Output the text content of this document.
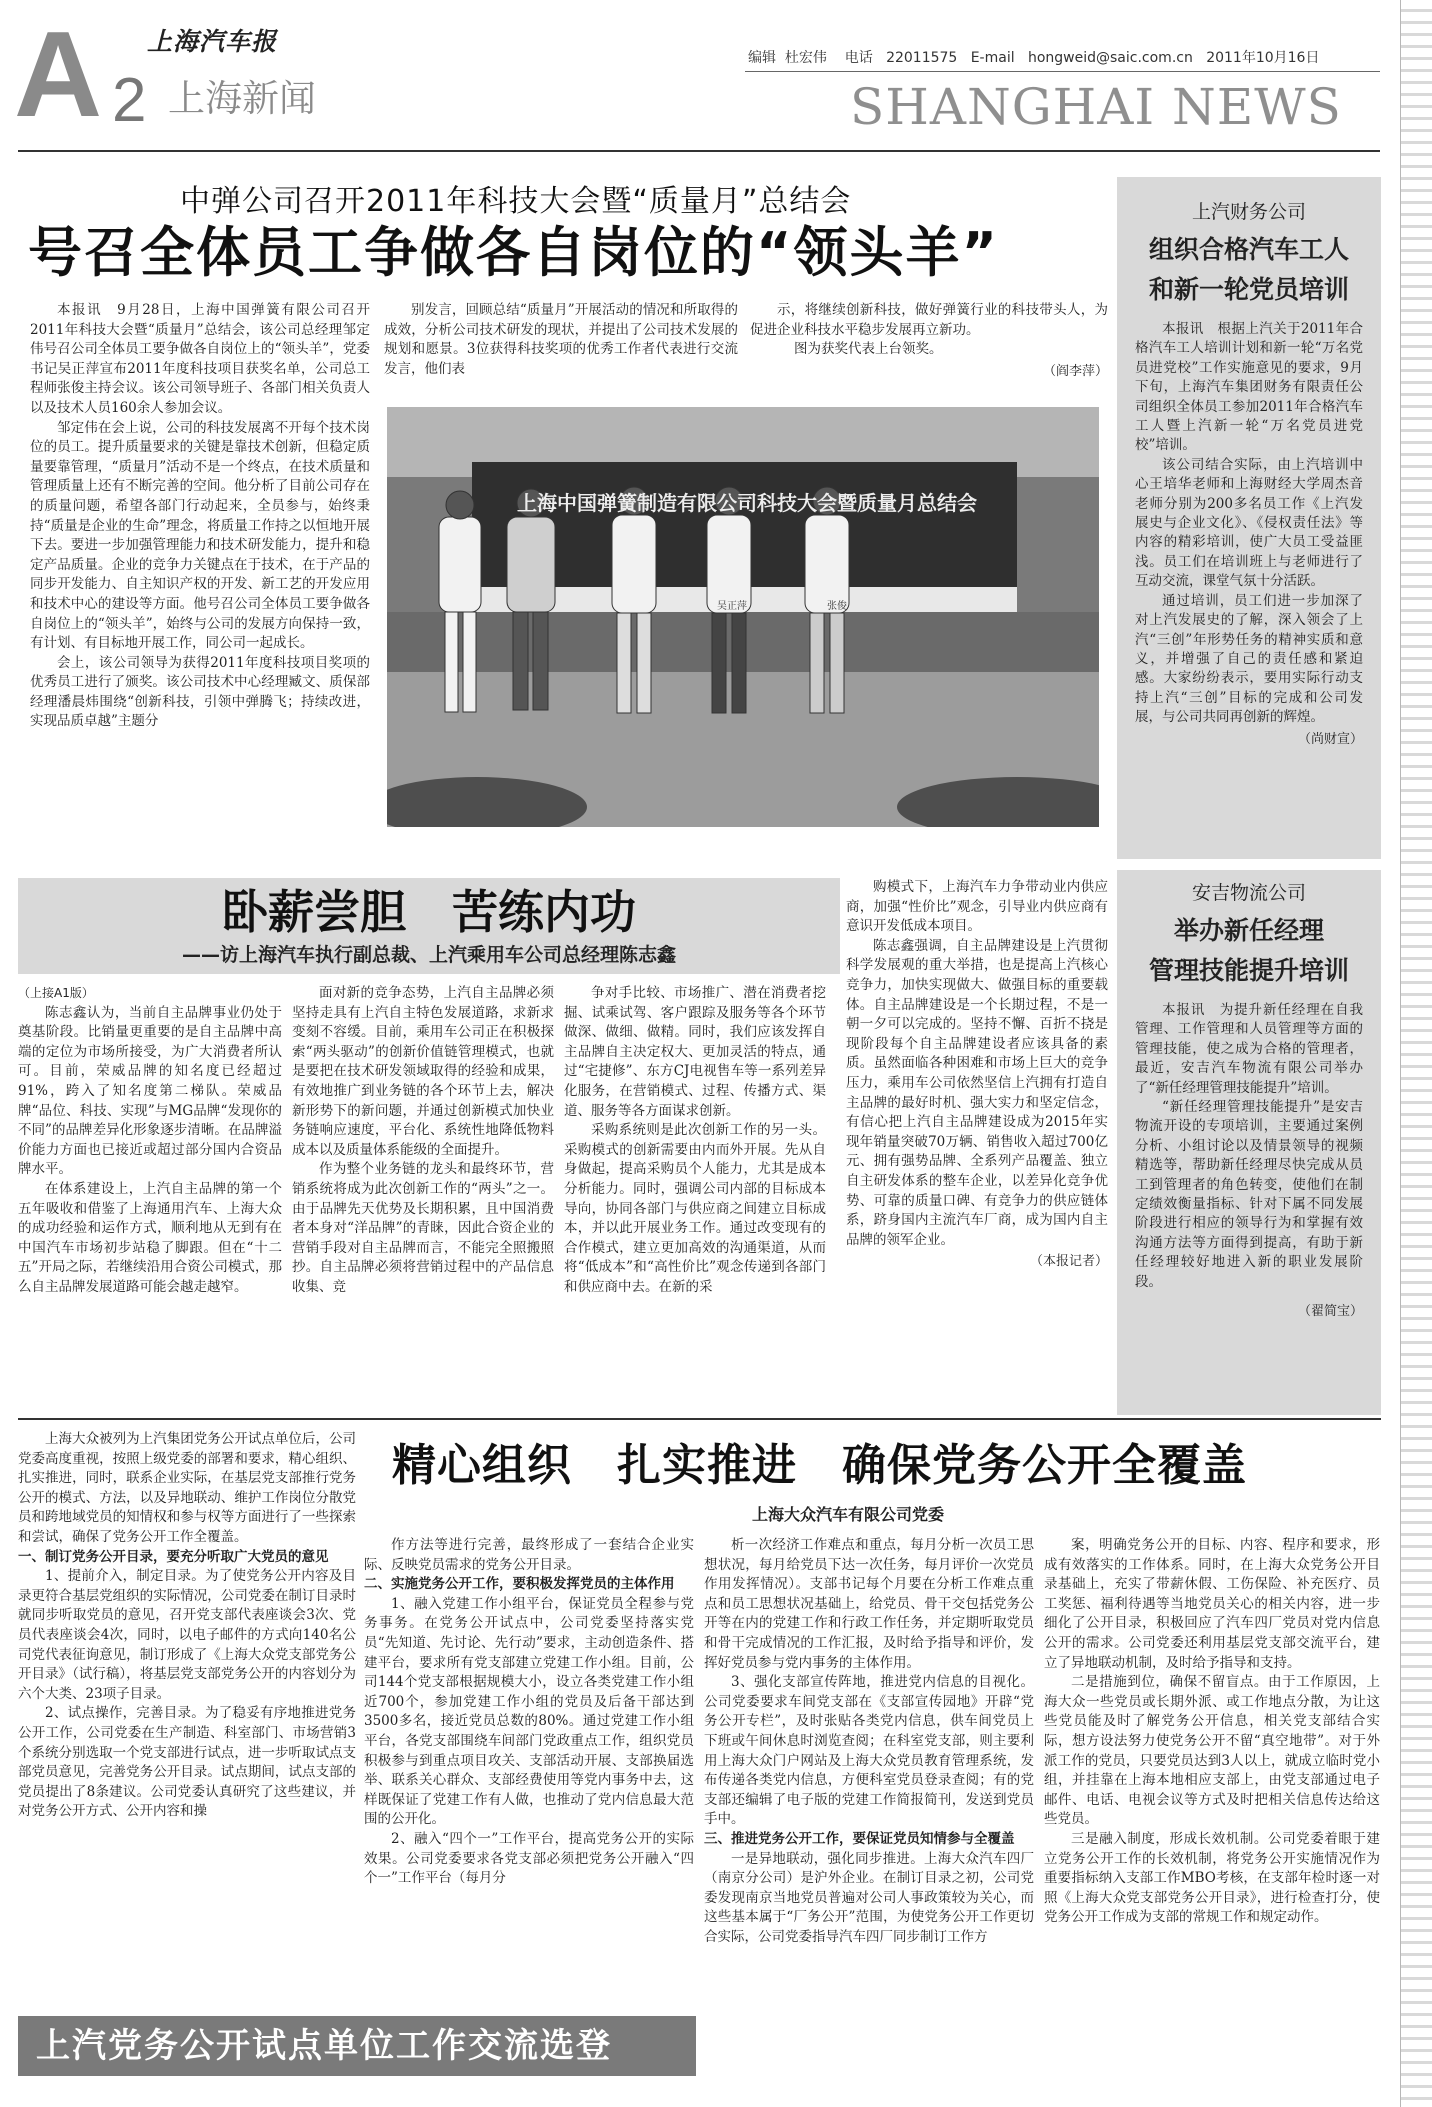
上海汽车报
A 2 上海新闻
编辑 杜宏伟 电话 22011575 E-mail hongweid@saic.com.cn 2011年10月16日
SHANGHAI NEWS
中弹公司召开2011年科技大会暨“质量月”总结会
号召全体员工争做各自岗位的“领头羊”

本报讯　9月28日，上海中国弹簧有限公司召开2011年科技大会暨“质量月”总结会，该公司总经理邹定伟号召公司全体员工要争做各自岗位上的“领头羊”，党委书记吴正萍宣布2011年度科技项目获奖名单，公司总工程师张俊主持会议。该公司领导班子、各部门相关负责人以及技术人员160余人参加会议。

邹定伟在会上说，公司的科技发展离不开每个技术岗位的员工。提升质量要求的关键是靠技术创新，但稳定质量要靠管理，“质量月”活动不是一个终点，在技术质量和管理质量上还有不断完善的空间。他分析了目前公司存在的质量问题，希望各部门行动起来，全员参与，始终秉持“质量是企业的生命”理念，将质量工作持之以恒地开展下去。要进一步加强管理能力和技术研发能力，提升和稳定产品质量。企业的竞争力关键点在于技术，在于产品的同步开发能力、自主知识产权的开发、新工艺的开发应用和技术中心的建设等方面。他号召公司全体员工要争做各自岗位上的“领头羊”，始终与公司的发展方向保持一致，有计划、有目标地开展工作，同公司一起成长。

会上，该公司领导为获得2011年度科技项目奖项的优秀员工进行了颁奖。该公司技术中心经理臧文、质保部经理潘晨炜围绕“创新科技，引领中弹腾飞；持续改进，实现品质卓越”主题分

别发言，回顾总结“质量月”开展活动的情况和所取得的成效，分析公司技术研发的现状，并提出了公司技术发展的规划和愿景。3位获得科技奖项的优秀工作者代表进行交流发言，他们表

示，将继续创新科技，做好弹簧行业的科技带头人，为促进企业科技水平稳步发展再立新功。

图为获奖代表上台领奖。

（阎李萍）
上海中国弹簧制造有限公司科技大会暨质量月总结会
吴正萍	张俊
上汽财务公司
组织合格汽车工人
和新一轮党员培训

本报讯　根据上汽关于2011年合格汽车工人培训计划和新一轮“万名党员进党校”工作实施意见的要求，9月下旬，上海汽车集团财务有限责任公司组织全体员工参加2011年合格汽车工人暨上汽新一轮“万名党员进党校”培训。

该公司结合实际，由上汽培训中心王培华老师和上海财经大学周杰音老师分别为200多名员工作《上汽发展史与企业文化》、《侵权责任法》等内容的精彩培训，使广大员工受益匪浅。员工们在培训班上与老师进行了互动交流，课堂气氛十分活跃。

通过培训，员工们进一步加深了对上汽发展史的了解，深入领会了上汽“三创”年形势任务的精神实质和意义，并增强了自己的责任感和紧迫感。大家纷纷表示，要用实际行动支持上汽“三创”目标的完成和公司发展，与公司共同再创新的辉煌。

（尚财宣）
安吉物流公司
举办新任经理
管理技能提升培训

本报讯　为提升新任经理在自我管理、工作管理和人员管理等方面的管理技能，使之成为合格的管理者，最近，安吉汽车物流有限公司举办了“新任经理管理技能提升”培训。

“新任经理管理技能提升”是安吉物流开设的专项培训，主要通过案例分析、小组讨论以及情景领导的视频精选等，帮助新任经理尽快完成从员工到管理者的角色转变，使他们在制定绩效衡量指标、针对下属不同发展阶段进行相应的领导行为和掌握有效沟通方法等方面得到提高，有助于新任经理较好地进入新的职业发展阶段。

（翟简宝）
卧薪尝胆　苦练内功
——访上海汽车执行副总裁、上汽乘用车公司总经理陈志鑫

（上接A1版）

陈志鑫认为，当前自主品牌事业仍处于奠基阶段。比销量更重要的是自主品牌中高端的定位为市场所接受，为广大消费者所认可。目前，荣威品牌的知名度已经超过91%，跨入了知名度第二梯队。荣威品牌“品位、科技、实现”与MG品牌“发现你的不同”的品牌差异化形象逐步清晰。在品牌溢价能力方面也已接近或超过部分国内合资品牌水平。

在体系建设上，上汽自主品牌的第一个五年吸收和借鉴了上海通用汽车、上海大众的成功经验和运作方式，顺利地从无到有在中国汽车市场初步站稳了脚跟。但在“十二五”开局之际，若继续沿用合资公司模式，那么自主品牌发展道路可能会越走越窄。

面对新的竞争态势，上汽自主品牌必须坚持走具有上汽自主特色发展道路，求新求变刻不容缓。目前，乘用车公司正在积极探索“两头驱动”的创新价值链管理模式，也就是要把在技术研发领域取得的经验和成果，有效地推广到业务链的各个环节上去，解决新形势下的新问题，并通过创新模式加快业务链响应速度，平台化、系统性地降低物料成本以及质量体系能级的全面提升。

作为整个业务链的龙头和最终环节，营销系统将成为此次创新工作的“两头”之一。由于品牌先天优势及长期积累，且中国消费者本身对“洋品牌”的青睐，因此合资企业的营销手段对自主品牌而言，不能完全照搬照抄。自主品牌必须将营销过程中的产品信息收集、竞

争对手比较、市场推广、潜在消费者挖掘、试乘试驾、客户跟踪及服务等各个环节做深、做细、做精。同时，我们应该发挥自主品牌自主决定权大、更加灵活的特点，通过“宅捷修”、东方CJ电视售车等一系列差异化服务，在营销模式、过程、传播方式、渠道、服务等各方面谋求创新。

采购系统则是此次创新工作的另一头。采购模式的创新需要由内而外开展。先从自身做起，提高采购员个人能力，尤其是成本分析能力。同时，强调公司内部的目标成本导向，协同各部门与供应商之间建立目标成本，并以此开展业务工作。通过改变现有的合作模式，建立更加高效的沟通渠道，从而将“低成本”和“高性价比”观念传递到各部门和供应商中去。在新的采

购模式下，上海汽车力争带动业内供应商，加强“性价比”观念，引导业内供应商有意识开发低成本项目。

陈志鑫强调，自主品牌建设是上汽贯彻科学发展观的重大举措，也是提高上汽核心竞争力，加快实现做大、做强目标的重要载体。自主品牌建设是一个长期过程，不是一朝一夕可以完成的。坚持不懈、百折不挠是现阶段每个自主品牌建设者应该具备的素质。虽然面临各种困难和市场上巨大的竞争压力，乘用车公司依然坚信上汽拥有打造自主品牌的最好时机、强大实力和坚定信念，有信心把上汽自主品牌建设成为2015年实现年销量突破70万辆、销售收入超过700亿元、拥有强势品牌、全系列产品覆盖、独立自主研发体系的整车企业，以差异化竞争优势、可靠的质量口碑、有竞争力的供应链体系，跻身国内主流汽车厂商，成为国内自主品牌的领军企业。

（本报记者）
精心组织　扎实推进　确保党务公开全覆盖
上海大众汽车有限公司党委

上海大众被列为上汽集团党务公开试点单位后，公司党委高度重视，按照上级党委的部署和要求，精心组织、扎实推进，同时，联系企业实际，在基层党支部推行党务公开的模式、方法，以及异地联动、维护工作岗位分散党员和跨地域党员的知情权和参与权等方面进行了一些探索和尝试，确保了党务公开工作全覆盖。

一、制订党务公开目录，要充分听取广大党员的意见

1、提前介入，制定目录。为了使党务公开内容及目录更符合基层党组织的实际情况，公司党委在制订目录时就同步听取党员的意见，召开党支部代表座谈会3次、党员代表座谈会4次，同时，以电子邮件的方式向140名公司党代表征询意见，制订形成了《上海大众党支部党务公开目录》（试行稿），将基层党支部党务公开的内容划分为六个大类、23项子目录。

2、试点操作，完善目录。为了稳妥有序地推进党务公开工作，公司党委在生产制造、科室部门、市场营销3个系统分别选取一个党支部进行试点，进一步听取试点支部党员意见，完善党务公开目录。试点期间，试点支部的党员提出了8条建议。公司党委认真研究了这些建议，并对党务公开方式、公开内容和操

作方法等进行完善，最终形成了一套结合企业实际、反映党员需求的党务公开目录。

二、实施党务公开工作，要积极发挥党员的主体作用

1、融入党建工作小组平台，保证党员全程参与党务事务。在党务公开试点中，公司党委坚持落实党员“先知道、先讨论、先行动”要求，主动创造条件、搭建平台，要求所有党支部建立党建工作小组。目前，公司144个党支部根据规模大小，设立各类党建工作小组近700个，参加党建工作小组的党员及后备干部达到3500多名，接近党员总数的80%。通过党建工作小组平台，各党支部围绕车间部门党政重点工作，组织党员积极参与到重点项目攻关、支部活动开展、支部换届选举、联系关心群众、支部经费使用等党内事务中去，这样既保证了党建工作有人做，也推动了党内信息最大范围的公开化。

2、融入“四个一”工作平台，提高党务公开的实际效果。公司党委要求各党支部必须把党务公开融入“四个一”工作平台（每月分

析一次经济工作难点和重点，每月分析一次员工思想状况，每月给党员下达一次任务，每月评价一次党员作用发挥情况）。支部书记每个月要在分析工作难点重点和员工思想状况基础上，给党员、骨干交包括党务公开等在内的党建工作和行政工作任务，并定期听取党员和骨干完成情况的工作汇报，及时给予指导和评价，发挥好党员参与党内事务的主体作用。

3、强化支部宣传阵地，推进党内信息的目视化。公司党委要求车间党支部在《支部宣传园地》开辟“党务公开专栏”，及时张贴各类党内信息，供车间党员上下班或午间休息时浏览查阅；在科室党支部，则主要利用上海大众门户网站及上海大众党员教育管理系统，发布传递各类党内信息，方便科室党员登录查阅；有的党支部还编辑了电子版的党建工作简报简刊，发送到党员手中。

三、推进党务公开工作，要保证党员知情参与全覆盖

一是异地联动，强化同步推进。上海大众汽车四厂（南京分公司）是沪外企业。在制订目录之初，公司党委发现南京当地党员普遍对公司人事政策较为关心，而这些基本属于“厂务公开”范围，为使党务公开工作更切合实际，公司党委指导汽车四厂同步制订工作方

案，明确党务公开的目标、内容、程序和要求，形成有效落实的工作体系。同时，在上海大众党务公开目录基础上，充实了带薪休假、工伤保险、补充医疗、员工奖惩、福利待遇等当地党员关心的相关内容，进一步细化了公开目录，积极回应了汽车四厂党员对党内信息公开的需求。公司党委还利用基层党支部交流平台，建立了异地联动机制，及时给予指导和支持。

二是措施到位，确保不留盲点。由于工作原因，上海大众一些党员或长期外派、或工作地点分散，为让这些党员能及时了解党务公开信息，相关党支部结合实际，想方设法努力使党务公开不留“真空地带”。对于外派工作的党员，只要党员达到3人以上，就成立临时党小组，并挂靠在上海本地相应支部上，由党支部通过电子邮件、电话、电视会议等方式及时把相关信息传达给这些党员。

三是融入制度，形成长效机制。公司党委着眼于建立党务公开工作的长效机制，将党务公开实施情况作为重要指标纳入支部工作MBO考核，在支部年检时逐一对照《上海大众党支部党务公开目录》，进行检查打分，使党务公开工作成为支部的常规工作和规定动作。

上汽党务公开试点单位工作交流选登
